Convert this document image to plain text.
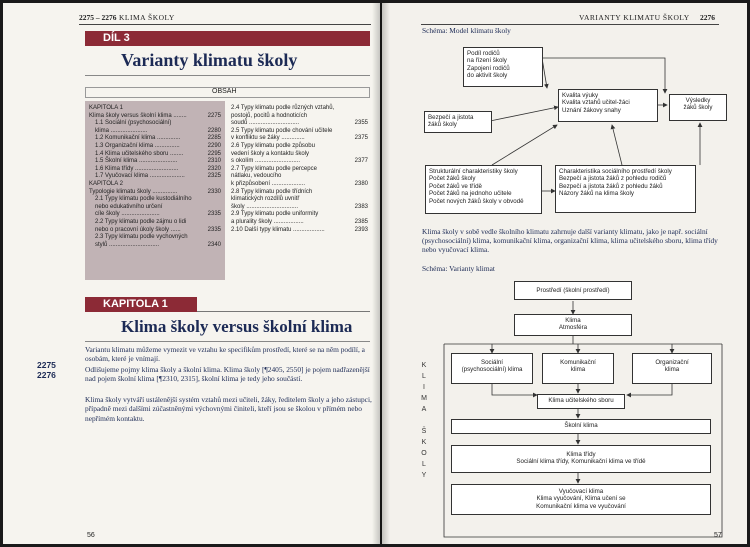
2275 – 2276 KLIMA ŠKOLY
DÍL 3
Varianty klimatu školy
OBSAH
KAPITOLA 1
Klima školy versus školní klima ........	2275
1.1 Sociální (psychosociální)
klima ......................	2280
1.2 Komunikační klima ..............	2285
1.3 Organizační klima ...............	2290
1.4 Klima učitelského sboru ........	2295
1.5 Školní klima .......................	2310
1.6 Klima třídy ..........................	2320
1.7 Vyučovací klima .....................	2325
KAPITOLA 2
Typologie klimatu školy ...............	2330
2.1 Typy klimatu podle kustodiálního
nebo edukativního určení
cíle školy .......................	2335
2.2 Typy klimatu podle zájmu o lidi
nebo o pracovní úkoly školy ......	2335
2.3 Typy klimatu podle vychovných
stylů ..............................	2340
2.4 Typy klimatu podle různých vztahů,
postojů, pocitů a hodnoticích
soudů ..............................	2355
2.5 Typy klimatu podle chování učitele
v konfliktu se žáky ..............	2375
2.6 Typy klimatu podle způsobu
vedení školy a kontaktu školy
s okolím ...........................	2377
2.7 Typy klimatu podle percepce
nátlaku, vedoucího
k přizpůsobení ....................	2380
2.8 Typy klimatu podle třídních
klimatických rozdílů uvnitř
školy ...............................	2383
2.9 Typy klimatu podle uniformity
a plurality školy ..................	2385
2.10 Další typy klimatu ...................	2393
KAPITOLA 1
Klima školy versus školní klima

Variantu klimatu můžeme vymezit ve vztahu ke specifikům prostředí, které se na něm podílí, a osobám, které je vnímají.

Odlišujeme pojmy klima školy a školní klima. Klima školy [¶2405, 2550] je pojem nadřazenější nad pojem školní klima [¶2310, 2315], školní klima je tedy jeho součástí.

Klima školy vytváří ustálenější systém vztahů mezi učiteli, žáky, ředitelem školy a jeho zástupci, případně mezi dalšími zúčastněnými výchovnými činiteli, kteří jsou se školou v přímém nebo nepřímém kontaktu.

2275
2276
56
VARIANTY KLIMATU ŠKOLY 2276
Schéma: Model klimatu školy
Podíl rodičů
na řízení školy
Zapojení rodičů
do aktivit školy
Kvalita výuky
Kvalita vztahů učitel-žáci
Uznání žákovy snahy
Výsledky
žáků školy
Bezpečí a jistota
žáků školy
Strukturální charakteristiky školy
Počet žáků školy
Počet žáků ve třídě
Počet žáků na jednoho učitele
Počet nových žáků školy v obvodě
Charakteristika sociálního prostředí školy
Bezpečí a jistota žáků z pohledu rodičů
Bezpečí a jistota žáků z pohledu žáků
Názory žáků na klima školy

Klima školy v sobě vedle školního klimatu zahrnuje další varianty klimatu, jako je např. sociální (psychosociální) klima, komunikační klima, organizační klima, klima učitelského sboru, klima třídy nebo vyučovací klima.

Schéma: Varianty klimat
K
L
I
M
A

Š
K
O
L
Y
Prostředí (školní prostředí)
Klima
Atmosféra
Sociální
(psychosociální) klima
Komunikační
klima
Organizační
klima
Klima učitelského sboru
Školní klima
Klima třídy
Sociální klima třídy, Komunikační klima ve třídě
Vyučovací klima
Klima vyučování, Klima učení se
Komunikační klima ve vyučování
57
